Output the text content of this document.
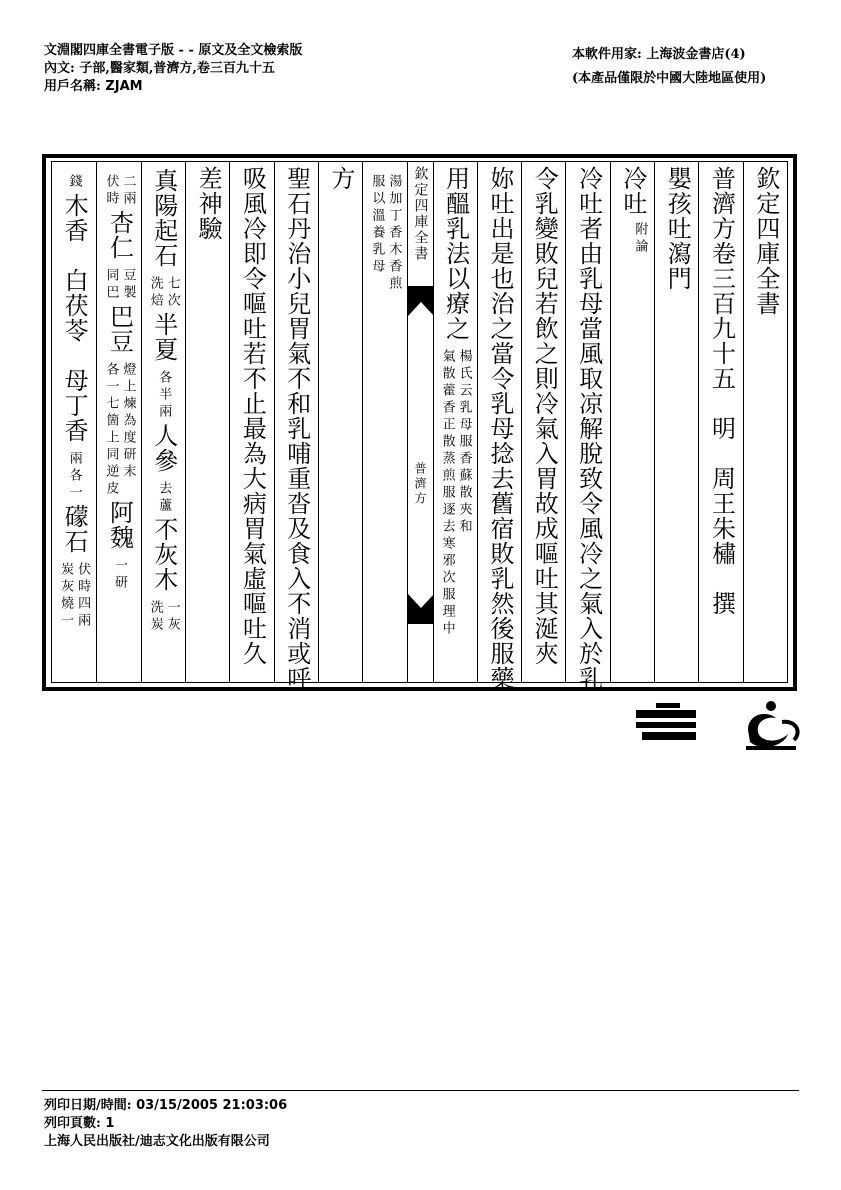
文淵閣四庫全書電子版 - - 原文及全文檢索版
內文: 子部,醫家類,普濟方,卷三百九十五
用戶名稱: ZJAM
本軟件用家: 上海波金書店(4)
(本產品僅限於中國大陸地區使用)
欽定四庫全書
普濟方卷三百九十五　明　周王朱橚　撰
嬰孩吐瀉門
冷吐
附論
冷吐者由乳母當風取凉解脫致令風冷之氣入於乳
令乳變敗兒若飲之則冷氣入胃故成嘔吐其涎夾
妳吐出是也治之當令乳母捻去舊宿敗乳然後服藥
用醞乳法以療之
楊氏云乳母服香蘇散夾和
氣散藿香正散蒸煎服逐去寒邪次服理中
欽定四庫全書
普濟方
湯加丁香木香煎
服以溫養乳母
方
聖石丹治小兒胃氣不和乳哺重沓及食入不消或呼
吸風冷即令嘔吐若不止最為大病胃氣虛嘔吐久
差神驗
真陽起石
七次
洗焙
半夏
各半兩
人參
去蘆
不灰木
一灰
洗炭
二兩
伏時
杏仁
豆製
同巴
巴豆
燈上煉為度研末
各一七箇上同逆皮
阿魏
一研
錢
木香　白茯苓　母丁香
兩各一
礞石
伏時四兩
炭灰燒一
列印日期/時間: 03/15/2005 21:03:06
列印頁數: 1
上海人民出版社/迪志文化出版有限公司
